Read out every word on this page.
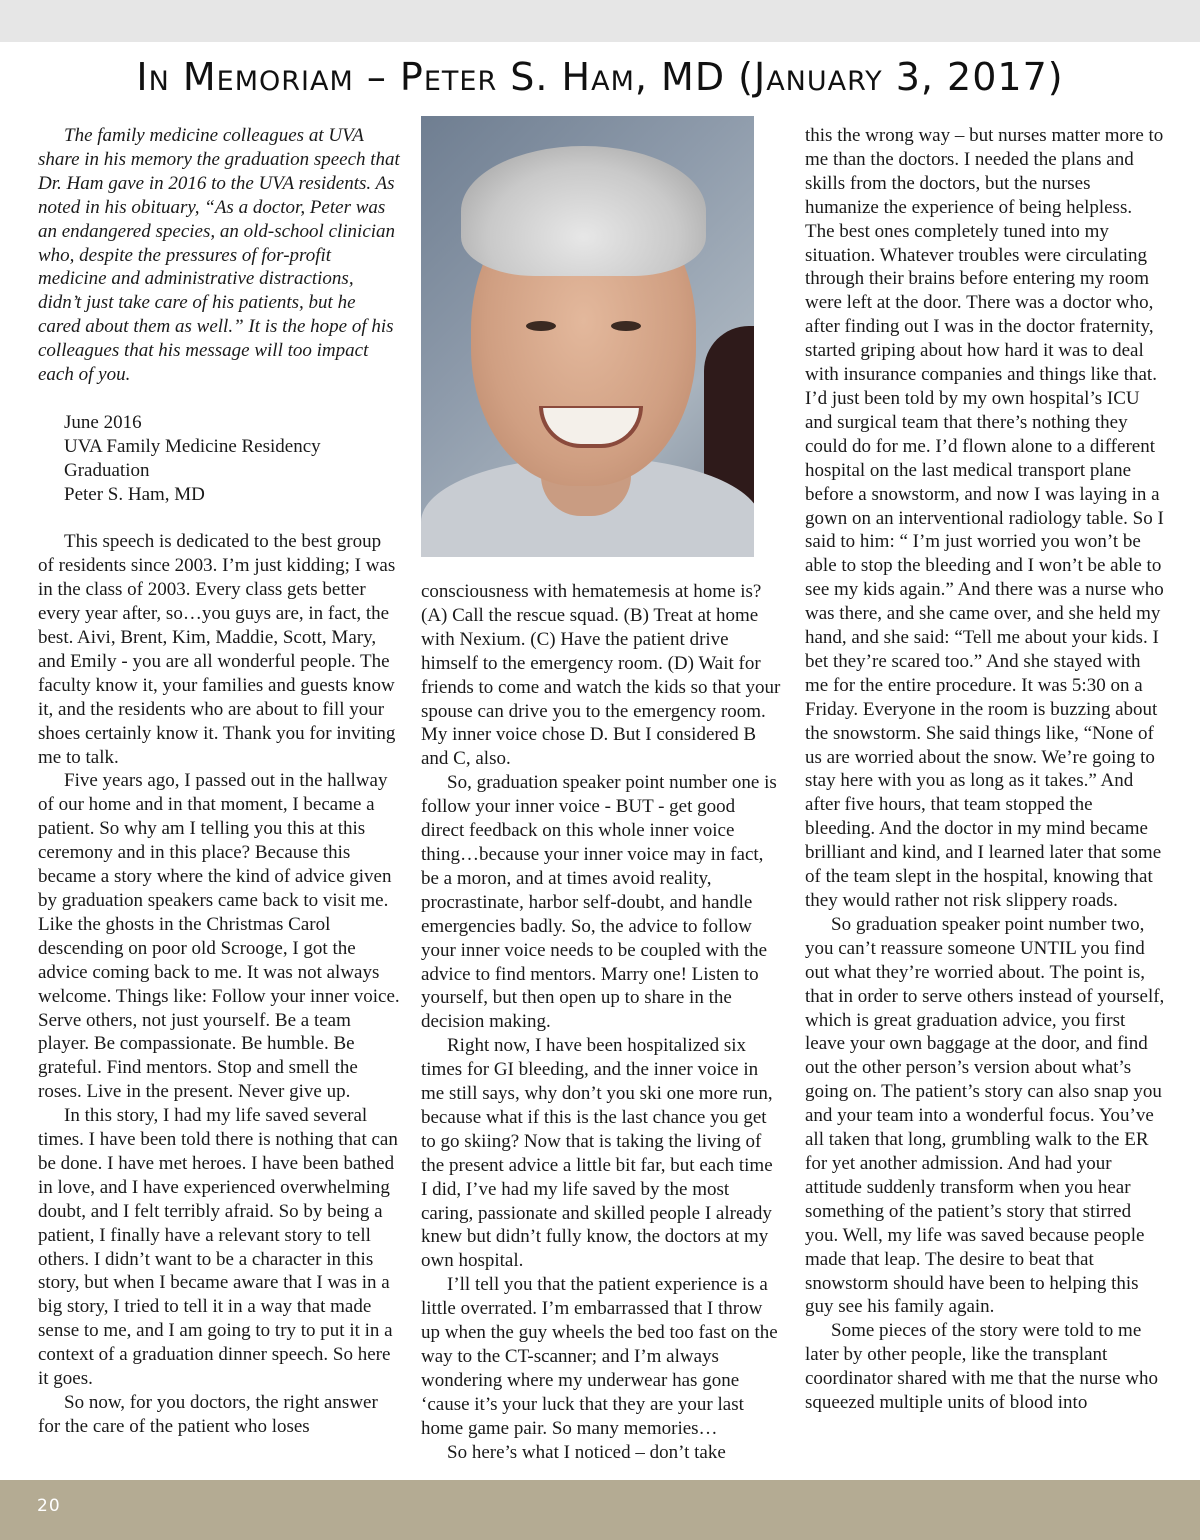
In Memoriam – Peter S. Ham, MD (January 3, 2017)

The family medicine colleagues at UVA share in his memory the graduation speech that Dr. Ham gave in 2016 to the UVA residents. As noted in his obituary, “As a doctor, Peter was an endangered species, an old-school clinician who, despite the pressures of for-profit medicine and administrative distractions, didn’t just take care of his patients, but he cared about them as well.” It is the hope of his colleagues that his message will too impact each of you.

June 2016
UVA Family Medicine Residency
Graduation
Peter S. Ham, MD

This speech is dedicated to the best group of residents since 2003. I’m just kidding; I was in the class of 2003. Every class gets better every year after, so…you guys are, in fact, the best. Aivi, Brent, Kim, Maddie, Scott, Mary, and Emily - you are all wonderful people. The faculty know it, your families and guests know it, and the residents who are about to fill your shoes certainly know it. Thank you for inviting me to talk.

Five years ago, I passed out in the hallway of our home and in that moment, I became a patient. So why am I telling you this at this ceremony and in this place? Because this became a story where the kind of advice given by graduation speakers came back to visit me. Like the ghosts in the Christmas Carol descending on poor old Scrooge, I got the advice coming back to me. It was not always welcome. Things like: Follow your inner voice. Serve others, not just yourself. Be a team player. Be compassionate. Be humble. Be grateful. Find mentors. Stop and smell the roses. Live in the present. Never give up.

In this story, I had my life saved several times. I have been told there is nothing that can be done. I have met heroes. I have been bathed in love, and I have experienced overwhelming doubt, and I felt terribly afraid. So by being a patient, I finally have a relevant story to tell others. I didn’t want to be a character in this story, but when I became aware that I was in a big story, I tried to tell it in a way that made sense to me, and I am going to try to put it in a context of a graduation dinner speech. So here it goes.

So now, for you doctors, the right answer for the care of the patient who loses

consciousness with hematemesis at home is? (A) Call the rescue squad. (B) Treat at home with Nexium. (C) Have the patient drive himself to the emergency room. (D) Wait for friends to come and watch the kids so that your spouse can drive you to the emergency room. My inner voice chose D. But I considered B and C, also.

So, graduation speaker point number one is follow your inner voice - BUT - get good direct feedback on this whole inner voice thing…because your inner voice may in fact, be a moron, and at times avoid reality, procrastinate, harbor self-doubt, and handle emergencies badly. So, the advice to follow your inner voice needs to be coupled with the advice to find mentors. Marry one! Listen to yourself, but then open up to share in the decision making.

Right now, I have been hospitalized six times for GI bleeding, and the inner voice in me still says, why don’t you ski one more run, because what if this is the last chance you get to go skiing? Now that is taking the living of the present advice a little bit far, but each time I did, I’ve had my life saved by the most caring, passionate and skilled people I already knew but didn’t fully know, the doctors at my own hospital.

I’ll tell you that the patient experience is a little overrated. I’m embarrassed that I throw up when the guy wheels the bed too fast on the way to the CT-scanner; and I’m always wondering where my underwear has gone ‘cause it’s your luck that they are your last home game pair. So many memories…

So here’s what I noticed – don’t take

this the wrong way – but nurses matter more to me than the doctors. I needed the plans and skills from the doctors, but the nurses humanize the experience of being helpless. The best ones completely tuned into my situation. Whatever troubles were circulating through their brains before entering my room were left at the door. There was a doctor who, after finding out I was in the doctor fraternity, started griping about how hard it was to deal with insurance companies and things like that. I’d just been told by my own hospital’s ICU and surgical team that there’s nothing they could do for me. I’d flown alone to a different hospital on the last medical transport plane before a snowstorm, and now I was laying in a gown on an interventional radiology table. So I said to him: “ I’m just worried you won’t be able to stop the bleeding and I won’t be able to see my kids again.” And there was a nurse who was there, and she came over, and she held my hand, and she said: “Tell me about your kids. I bet they’re scared too.” And she stayed with me for the entire procedure. It was 5:30 on a Friday. Everyone in the room is buzzing about the snowstorm. She said things like, “None of us are worried about the snow. We’re going to stay here with you as long as it takes.” And after five hours, that team stopped the bleeding. And the doctor in my mind became brilliant and kind, and I learned later that some of the team slept in the hospital, knowing that they would rather not risk slippery roads.

So graduation speaker point number two, you can’t reassure someone UNTIL you find out what they’re worried about. The point is, that in order to serve others instead of yourself, which is great graduation advice, you first leave your own baggage at the door, and find out the other person’s version about what’s going on. The patient’s story can also snap you and your team into a wonderful focus. You’ve all taken that long, grumbling walk to the ER for yet another admission. And had your attitude suddenly transform when you hear something of the patient’s story that stirred you. Well, my life was saved because people made that leap. The desire to beat that snowstorm should have been to helping this guy see his family again.

Some pieces of the story were told to me later by other people, like the transplant coordinator shared with me that the nurse who squeezed multiple units of blood into

20
